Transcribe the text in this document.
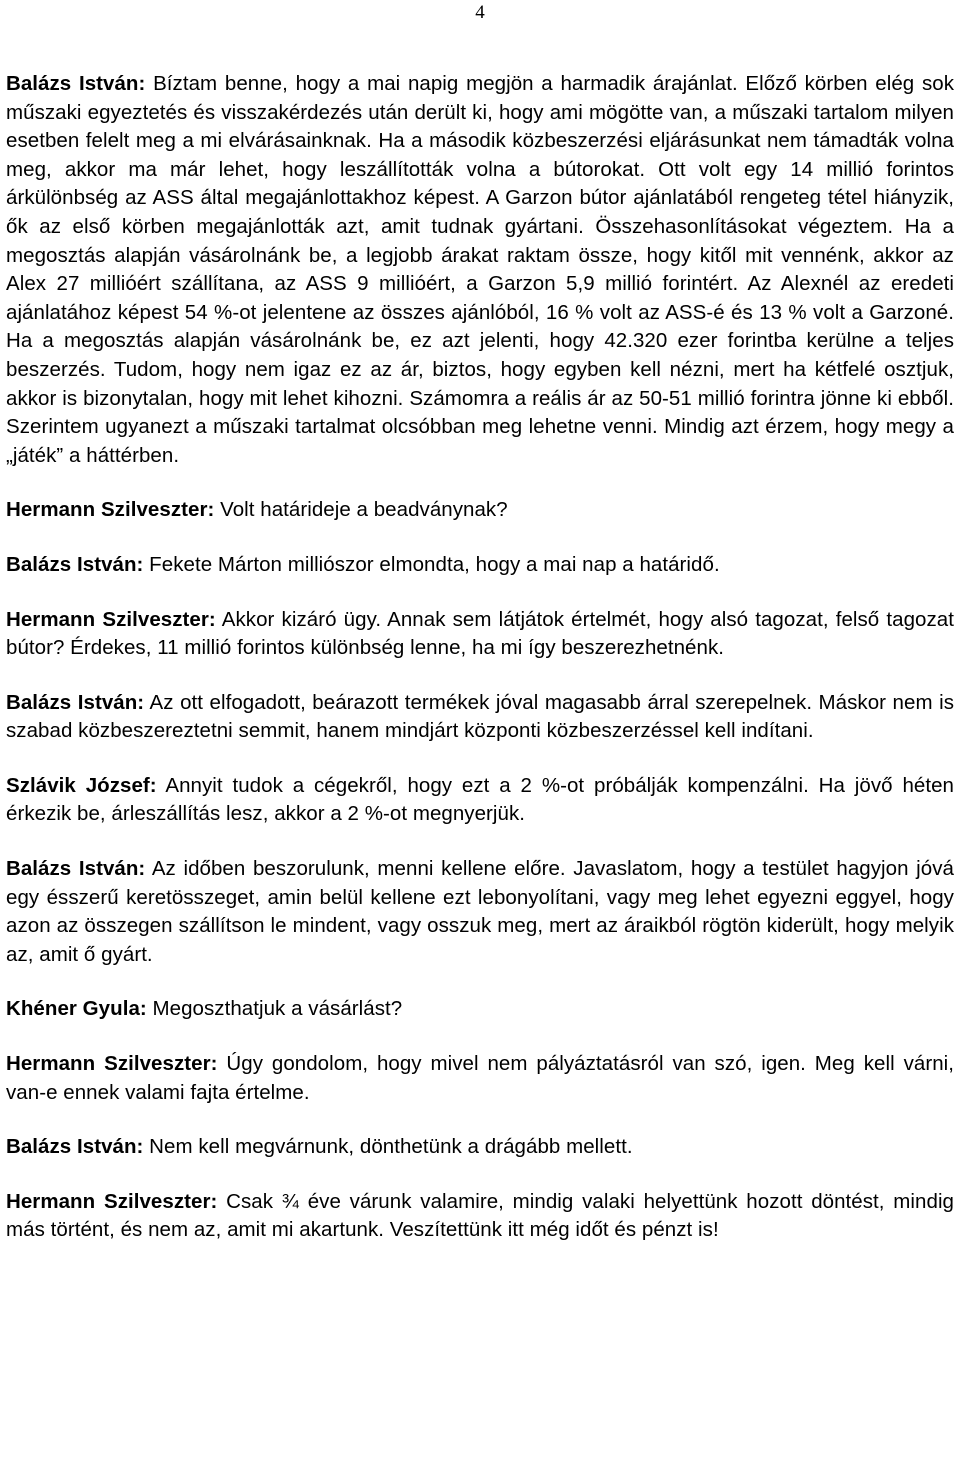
4

Balázs István: Bíztam benne, hogy a mai napig megjön a harmadik árajánlat. Előző körben elég sok műszaki egyeztetés és visszakérdezés után derült ki, hogy ami mögötte van, a műszaki tartalom milyen esetben felelt meg a mi elvárásainknak. Ha a második közbeszerzési eljárásunkat nem támadták volna meg, akkor ma már lehet, hogy leszállították volna a bútorokat. Ott volt egy 14 millió forintos árkülönbség az ASS által megajánlottakhoz képest. A Garzon bútor ajánlatából rengeteg tétel hiányzik, ők az első körben megajánlották azt, amit tudnak gyártani. Összehasonlításokat végeztem. Ha a megosztás alapján vásárolnánk be, a legjobb árakat raktam össze, hogy kitől mit vennénk, akkor az Alex 27 millióért szállítana, az ASS 9 millióért, a Garzon 5,9 millió forintért. Az Alexnél az eredeti ajánlatához képest 54 %-ot jelentene az összes ajánlóból, 16 % volt az ASS-é és 13 % volt a Garzoné. Ha a megosztás alapján vásárolnánk be, ez azt jelenti, hogy 42.320 ezer forintba kerülne a teljes beszerzés. Tudom, hogy nem igaz ez az ár, biztos, hogy egyben kell nézni, mert ha kétfelé osztjuk, akkor is bizonytalan, hogy mit lehet kihozni. Számomra a reális ár az 50-51 millió forintra jönne ki ebből. Szerintem ugyanezt a műszaki tartalmat olcsóbban meg lehetne venni. Mindig azt érzem, hogy megy a „játék” a háttérben.

Hermann Szilveszter: Volt határideje a beadványnak?

Balázs István: Fekete Márton milliószor elmondta, hogy a mai nap a határidő.

Hermann Szilveszter: Akkor kizáró ügy. Annak sem látjátok értelmét, hogy alsó tagozat, felső tagozat bútor? Érdekes, 11 millió forintos különbség lenne, ha mi így beszerezhetnénk.

Balázs István: Az ott elfogadott, beárazott termékek jóval magasabb árral szerepelnek. Máskor nem is szabad közbeszereztetni semmit, hanem mindjárt központi közbeszerzéssel kell indítani.

Szlávik József: Annyit tudok a cégekről, hogy ezt a 2 %-ot próbálják kompenzálni. Ha jövő héten érkezik be, árleszállítás lesz, akkor a 2 %-ot megnyerjük.

Balázs István: Az időben beszorulunk, menni kellene előre. Javaslatom, hogy a testület hagyjon jóvá egy ésszerű keretösszeget, amin belül kellene ezt lebonyolítani, vagy meg lehet egyezni eggyel, hogy azon az összegen szállítson le mindent, vagy osszuk meg, mert az áraikból rögtön kiderült, hogy melyik az, amit ő gyárt.

Khéner Gyula: Megoszthatjuk a vásárlást?

Hermann Szilveszter: Úgy gondolom, hogy mivel nem pályáztatásról van szó, igen. Meg kell várni, van-e ennek valami fajta értelme.

Balázs István: Nem kell megvárnunk, dönthetünk a drágább mellett.

Hermann Szilveszter: Csak ¾ éve várunk valamire, mindig valaki helyettünk hozott döntést, mindig más történt, és nem az, amit mi akartunk. Veszítettünk itt még időt és pénzt is!
